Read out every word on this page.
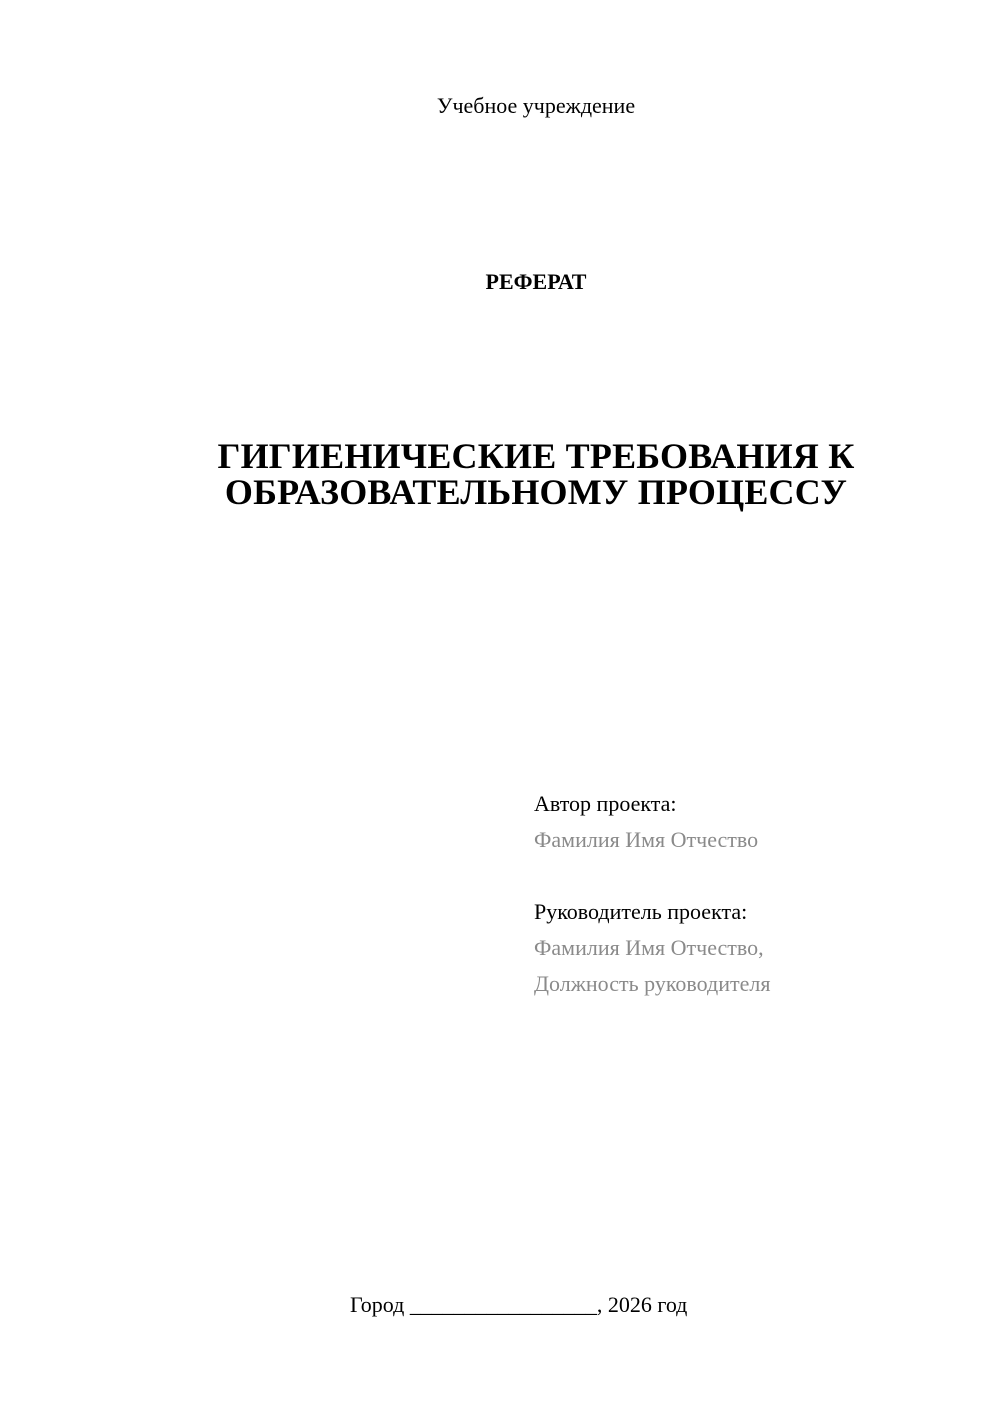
Учебное учреждение
РЕФЕРАТ
ГИГИЕНИЧЕСКИЕ ТРЕБОВАНИЯ К
ОБРАЗОВАТЕЛЬНОМУ ПРОЦЕССУ
Автор проекта:
Фамилия Имя Отчество
Руководитель проекта:
Фамилия Имя Отчество,
Должность руководителя
Город _________________, 2026 год
